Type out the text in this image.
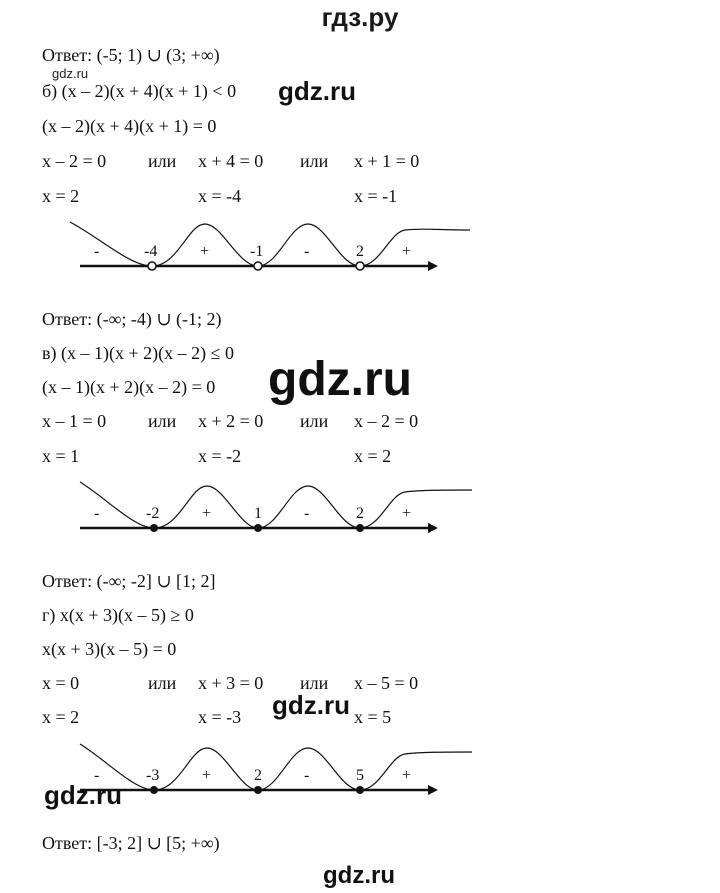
гдз.ру
Ответ: (-5; 1) ∪ (3; +∞)
gdz.ru
б) (x – 2)(x + 4)(x + 1) < 0 gdz.ru
(x – 2)(x + 4)(x + 1) = 0
x – 2 = 0 или x + 4 = 0 или x + 1 = 0
x = 2	x = -4	x = -1
-	-4	+	-1	-	2 +
Ответ: (-∞; -4) ∪ (-1; 2)
в) (x – 1)(x + 2)(x – 2) ≤ 0 gdz.ru
(x – 1)(x + 2)(x – 2) = 0
x – 1 = 0 или x + 2 = 0 или x – 2 = 0
x = 1	x = -2	x = 2
-	-2	+	1	-	2 +
Ответ: (-∞; -2] ∪ [1; 2]
г) x(x + 3)(x – 5) ≥ 0
x(x + 3)(x – 5) = 0
x = 0	или x + 3 = 0 или x – 5 = 0
gdz.ru
x = 2	x = -3	x = 5
-	-3	+	2	-	5 +
gdz.ru
Ответ: [-3; 2] ∪ [5; +∞)
gdz.ru
